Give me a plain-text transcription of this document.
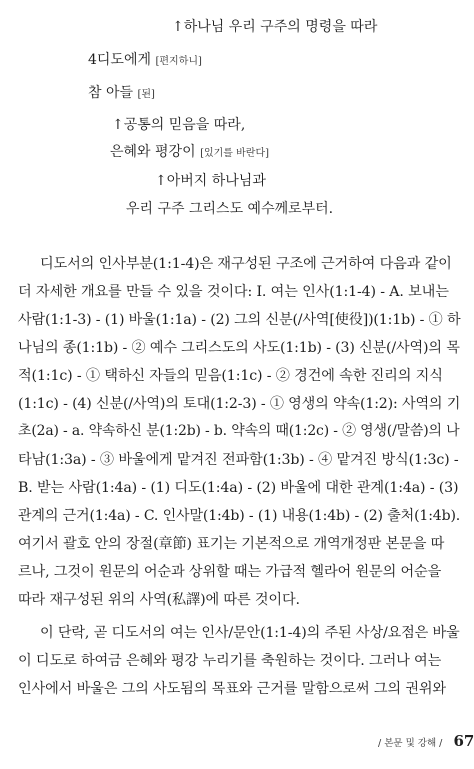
↑하나님 우리 구주의 명령을 따라
4디도에게 [편지하니]
참 아들 [된]
↑공통의 믿음을 따라,
은혜와 평강이 [있기를 바란다]
↑아버지 하나님과
우리 구주 그리스도 예수께로부터.
디도서의 인사부분(1:1-4)은 재구성된 구조에 근거하여 다음과 같이
더 자세한 개요를 만들 수 있을 것이다: I. 여는 인사(1:1-4) - A. 보내는
사람(1:1-3) - (1) 바울(1:1a) - (2) 그의 신분(/사역[使役])(1:1b) - ① 하
나님의 종(1:1b) - ② 예수 그리스도의 사도(1:1b) - (3) 신분(/사역)의 목
적(1:1c) - ① 택하신 자들의 믿음(1:1c) - ② 경건에 속한 진리의 지식
(1:1c) - (4) 신분(/사역)의 토대(1:2-3) - ① 영생의 약속(1:2): 사역의 기
초(2a) - a. 약속하신 분(1:2b) - b. 약속의 때(1:2c) - ② 영생(/말씀)의 나
타남(1:3a) - ③ 바울에게 맡겨진 전파함(1:3b) - ④ 맡겨진 방식(1:3c) -
B. 받는 사람(1:4a) - (1) 디도(1:4a) - (2) 바울에 대한 관계(1:4a) - (3)
관계의 근거(1:4a) - C. 인사말(1:4b) - (1) 내용(1:4b) - (2) 출처(1:4b).
여기서 괄호 안의 장절(章節) 표기는 기본적으로 개역개정판 본문을 따
르나, 그것이 원문의 어순과 상위할 때는 가급적 헬라어 원문의 어순을
따라 재구성된 위의 사역(私譯)에 따른 것이다.
이 단락, 곧 디도서의 여는 인사/문안(1:1-4)의 주된 사상/요점은 바울
이 디도로 하여금 은혜와 평강 누리기를 축원하는 것이다. 그러나 여는
인사에서 바울은 그의 사도됨의 목표와 근거를 말함으로써 그의 권위와
/ 본문 및 강해 / 67
